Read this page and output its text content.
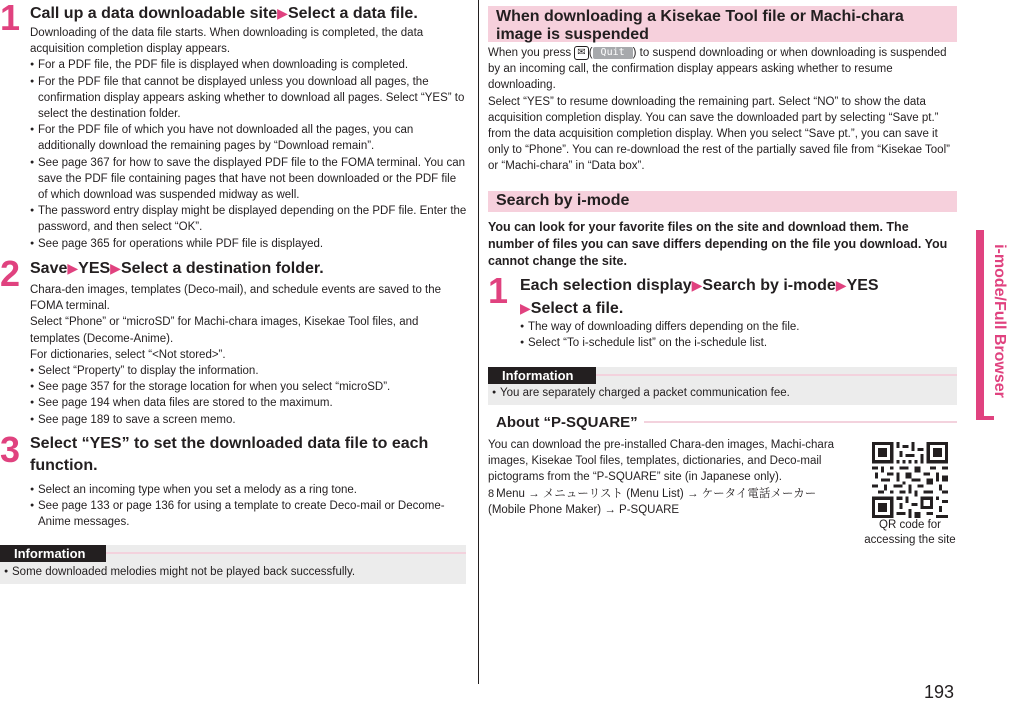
i-mode/Full Browser
1 Call up a data downloadable site▶Select a data file.
Downloading of the data file starts. When downloading is completed, the data acquisition completion display appears.
● For a PDF file, the PDF file is displayed when downloading is completed.
● For the PDF file that cannot be displayed unless you download all pages, the confirmation display appears asking whether to download all pages. Select “YES” to select the destination folder.
● For the PDF file of which you have not downloaded all the pages, you can additionally download the remaining pages by “Download remain”.
● See page 367 for how to save the displayed PDF file to the FOMA terminal. You can save the PDF file containing pages that have not been downloaded or the PDF file of which download was suspended midway as well.
● The password entry display might be displayed depending on the PDF file. Enter the password, and then select “OK”.
● See page 365 for operations while PDF file is displayed.
2 Save▶YES▶Select a destination folder.
Chara-den images, templates (Deco-mail), and schedule events are saved to the FOMA terminal.
Select “Phone” or “microSD” for Machi-chara images, Kisekae Tool files, and templates (Decome-Anime).
For dictionaries, select “<Not stored>”.
● Select “Property” to display the information.
● See page 357 for the storage location for when you select “microSD”.
● See page 194 when data files are stored to the maximum.
● See page 189 to save a screen memo.
3 Select “YES” to set the downloaded data file to each function.
● Select an incoming type when you set a melody as a ring tone.
● See page 133 or page 136 for using a template to create Deco-mail or Decome-Anime messages.
Information
● Some downloaded melodies might not be played back successfully.
When downloading a Kisekae Tool file or Machi-chara image is suspended
When you press ✉ ( Quit ) to suspend downloading or when downloading is suspended by an incoming call, the confirmation display appears asking whether to resume downloading.
Select “YES” to resume downloading the remaining part. Select “NO” to show the data acquisition completion display. You can save the downloaded part by selecting “Save pt.” from the data acquisition completion display. When you select “Save pt.”, you can save it only to “Phone”. You can re-download the rest of the partially saved file from “Kisekae Tool” or “Machi-chara” in “Data box”.
Search by i-mode
You can look for your favorite files on the site and download them. The number of files you can save differs depending on the file you download. You cannot change the site.
1 Each selection display▶Search by i-mode▶YES
▶Select a file.
● The way of downloading differs depending on the file.
● Select “To i-schedule list” on the i-schedule list.
Information
● You are separately charged a packet communication fee.
About “P-SQUARE”
You can download the pre-installed Chara-den images, Machi-chara images, Kisekae Tool files, templates, dictionaries, and Deco-mail pictograms from the “P-SQUARE” site (in Japanese only).
8 Menu → メニューリスト (Menu List) → ケータイ電話メーカー (Mobile Phone Maker) → P-SQUARE
QR code for accessing the site
193
